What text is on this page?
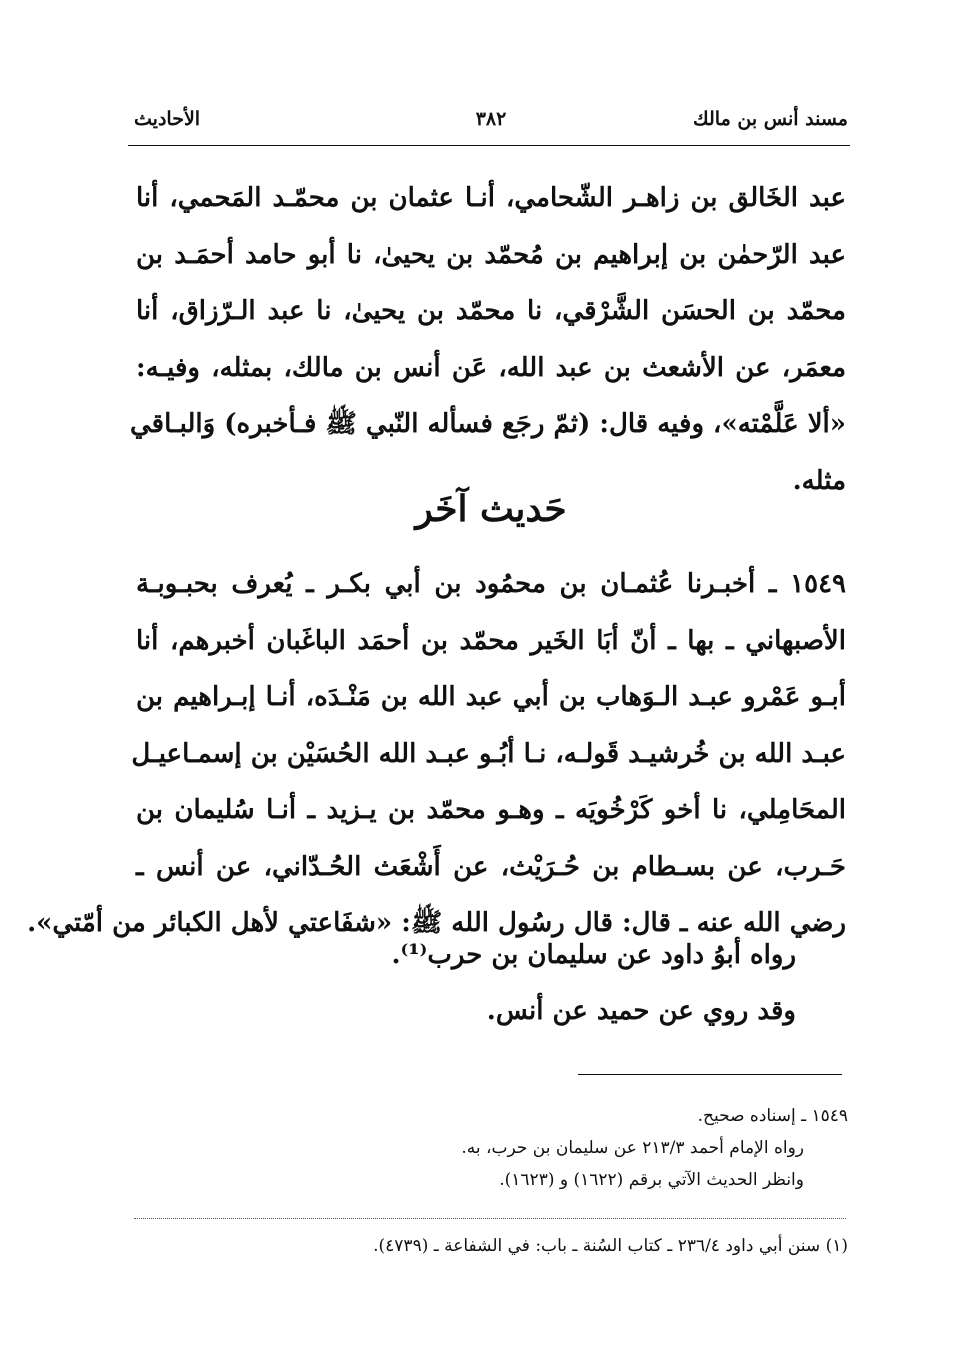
مسند أنس بن مالك
٣٨٢
الأحاديث
عبد الخَالق بن زاهـر الشّحامي، أنـا عثمان بن محمّـد المَحمي، أنا
عبد الرّحمٰن بن إبراهيم بن مُحمّد بن يحيىٰ، نا أبو حامد أحمَـد بن
محمّد بن الحسَن الشَّرْقي، نا محمّد بن يحيىٰ، نا عبد الـرّزاق، أنا
معمَر، عن الأشعث بن عبد الله، عَن أنس بن مالك، بمثله، وفيـه:
«ألا عَلَّمْته»، وفيه قال: (ثمّ رجَع فسأله النّبي ﷺ فـأخبره) وَالبـاقي
مثله.
حَديث آخَر
١٥٤٩ ـ أخبـرنا عُثمـان بن محمُود بن أبي بكـر ـ يُعرف بحبـوبـة
الأصبهاني ـ بها ـ أنّ أبَا الخَير محمّد بن أحمَد الباغَبان أخبرهم، أنا
أبـو عَمْرو عبـد الـوَهاب بن أبي عبد الله بن مَنْـدَه، أنـا إبـراهيم بن
عبـد الله بن خُرشيـد قَولـه، نـا أبُـو عبـد الله الحُسَيْن بن إسمـاعيـل
المحَامِلي، نا أخو كَرْخُويَه ـ وهـو محمّد بن يـزيد ـ أنـا سُليمان بن
حَـرب، عن بسـطام بن حُـرَيْث، عن أَشْعَث الحُـدّاني، عن أنس ـ
رضي الله عنه ـ قال: قال رسُول الله ﷺ: «شفَاعتي لأهل الكبائر من أمّتي».
رواه أبوُ داود عن سليمان بن حرب⁽¹⁾.
وقد روي عن حميد عن أنس.
١٥٤٩ ـ إسناده صحيح.
رواه الإمام أحمد ٢١٣/٣ عن سليمان بن حرب، به.
وانظر الحديث الآتي برقم (١٦٢٢) و (١٦٢٣).
(١) سنن أبي داود ٢٣٦/٤ ـ كتاب السُنة ـ باب: في الشفاعة ـ (٤٧٣٩).
